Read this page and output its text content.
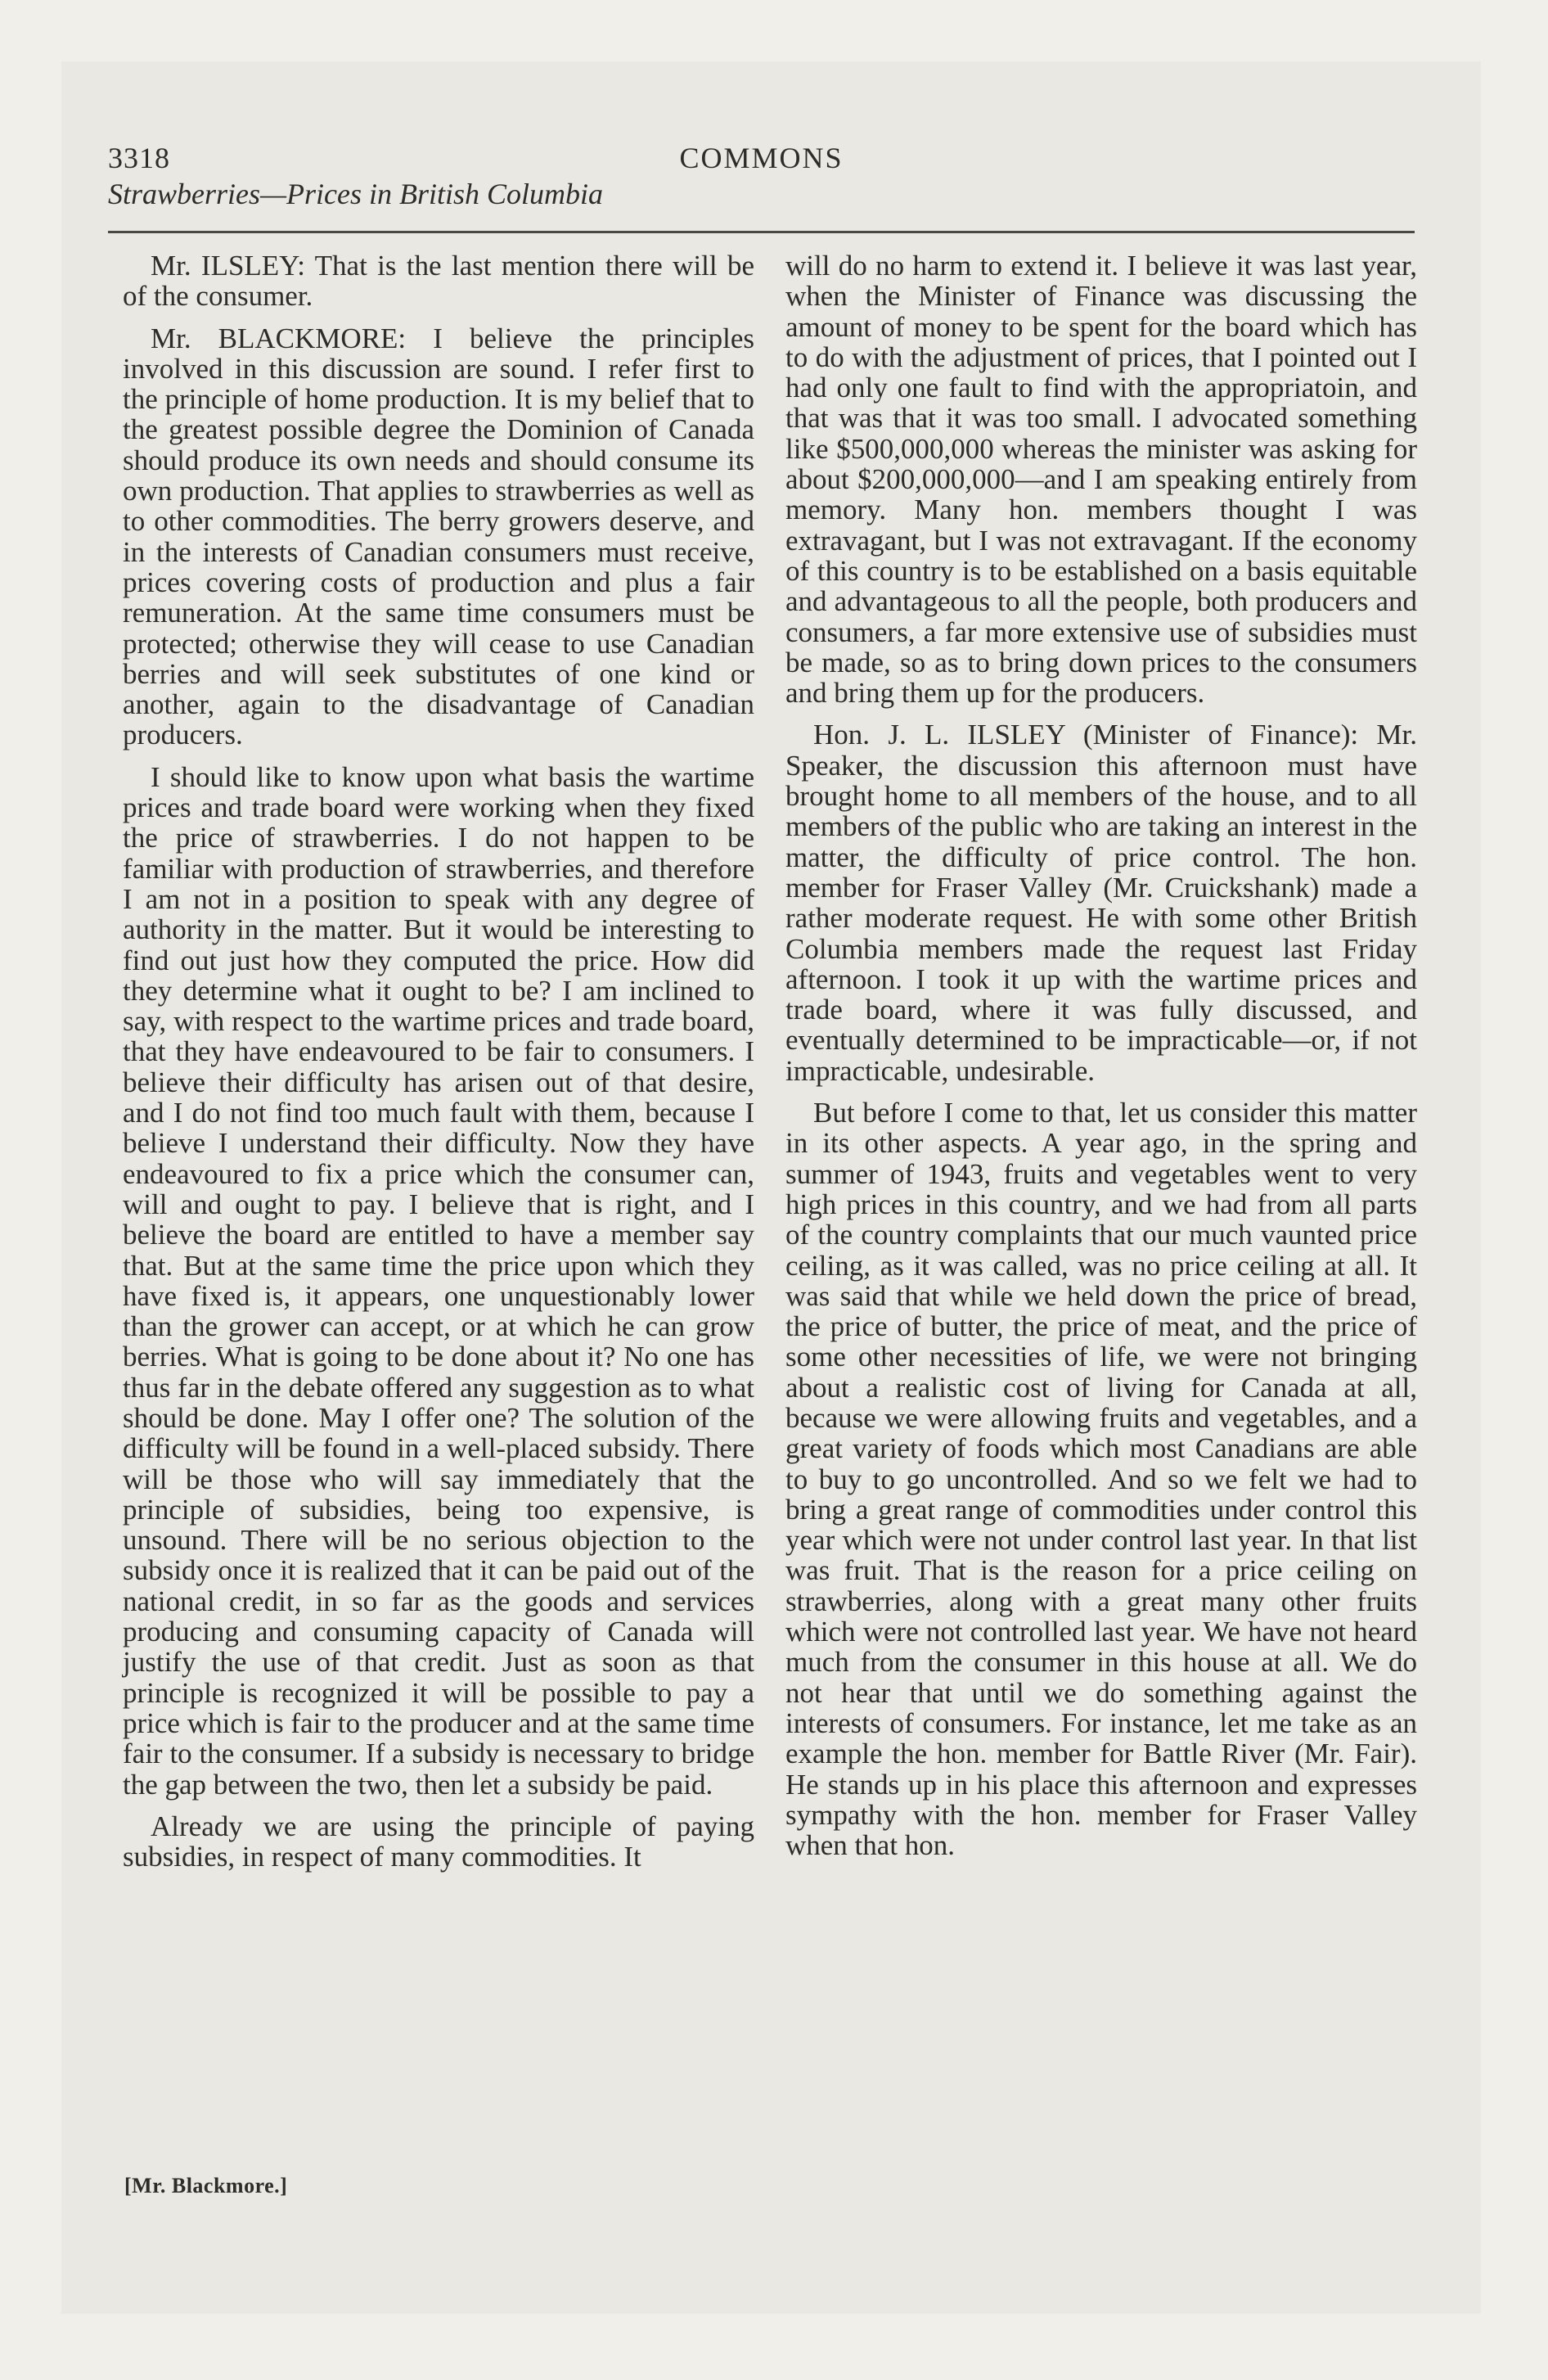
3318	COMMONS
Strawberries—Prices in British Columbia

Mr. ILSLEY: That is the last mention there will be of the consumer.

Mr. BLACKMORE: I believe the principles involved in this discussion are sound. I refer first to the principle of home production. It is my belief that to the greatest possible degree the Dominion of Canada should produce its own needs and should consume its own production. That applies to strawberries as well as to other commodities. The berry growers deserve, and in the interests of Canadian consumers must receive, prices covering costs of production and plus a fair remuneration. At the same time consumers must be protected; otherwise they will cease to use Canadian berries and will seek substitutes of one kind or another, again to the disadvantage of Canadian producers.

I should like to know upon what basis the wartime prices and trade board were working when they fixed the price of strawberries. I do not happen to be familiar with production of strawberries, and therefore I am not in a position to speak with any degree of authority in the matter. But it would be interesting to find out just how they computed the price. How did they determine what it ought to be? I am inclined to say, with respect to the wartime prices and trade board, that they have endeavoured to be fair to consumers. I believe their difficulty has arisen out of that desire, and I do not find too much fault with them, because I believe I understand their difficulty. Now they have endeavoured to fix a price which the consumer can, will and ought to pay. I believe that is right, and I believe the board are entitled to have a member say that. But at the same time the price upon which they have fixed is, it appears, one unquestionably lower than the grower can accept, or at which he can grow berries. What is going to be done about it? No one has thus far in the debate offered any suggestion as to what should be done. May I offer one? The solution of the difficulty will be found in a well-placed subsidy. There will be those who will say immediately that the principle of subsidies, being too expensive, is unsound. There will be no serious objection to the subsidy once it is realized that it can be paid out of the national credit, in so far as the goods and services producing and consuming capacity of Canada will justify the use of that credit. Just as soon as that principle is recognized it will be possible to pay a price which is fair to the producer and at the same time fair to the consumer. If a subsidy is necessary to bridge the gap between the two, then let a subsidy be paid.

Already we are using the principle of paying subsidies, in respect of many commodities. It

will do no harm to extend it. I believe it was last year, when the Minister of Finance was discussing the amount of money to be spent for the board which has to do with the adjustment of prices, that I pointed out I had only one fault to find with the appropriatoin, and that was that it was too small. I advocated something like $500,000,000 whereas the minister was asking for about $200,000,000—and I am speaking entirely from memory. Many hon. members thought I was extravagant, but I was not extravagant. If the economy of this country is to be established on a basis equitable and advantageous to all the people, both producers and consumers, a far more extensive use of subsidies must be made, so as to bring down prices to the consumers and bring them up for the producers.

Hon. J. L. ILSLEY (Minister of Finance): Mr. Speaker, the discussion this afternoon must have brought home to all members of the house, and to all members of the public who are taking an interest in the matter, the difficulty of price control. The hon. member for Fraser Valley (Mr. Cruickshank) made a rather moderate request. He with some other British Columbia members made the request last Friday afternoon. I took it up with the wartime prices and trade board, where it was fully discussed, and eventually determined to be impracticable—or, if not impracticable, undesirable.

But before I come to that, let us consider this matter in its other aspects. A year ago, in the spring and summer of 1943, fruits and vegetables went to very high prices in this country, and we had from all parts of the country complaints that our much vaunted price ceiling, as it was called, was no price ceiling at all. It was said that while we held down the price of bread, the price of butter, the price of meat, and the price of some other necessities of life, we were not bringing about a realistic cost of living for Canada at all, because we were allowing fruits and vegetables, and a great variety of foods which most Canadians are able to buy to go uncontrolled. And so we felt we had to bring a great range of commodities under control this year which were not under control last year. In that list was fruit. That is the reason for a price ceiling on strawberries, along with a great many other fruits which were not controlled last year. We have not heard much from the consumer in this house at all. We do not hear that until we do something against the interests of consumers. For instance, let me take as an example the hon. member for Battle River (Mr. Fair). He stands up in his place this afternoon and expresses sympathy with the hon. member for Fraser Valley when that hon.

[Mr. Blackmore.]
